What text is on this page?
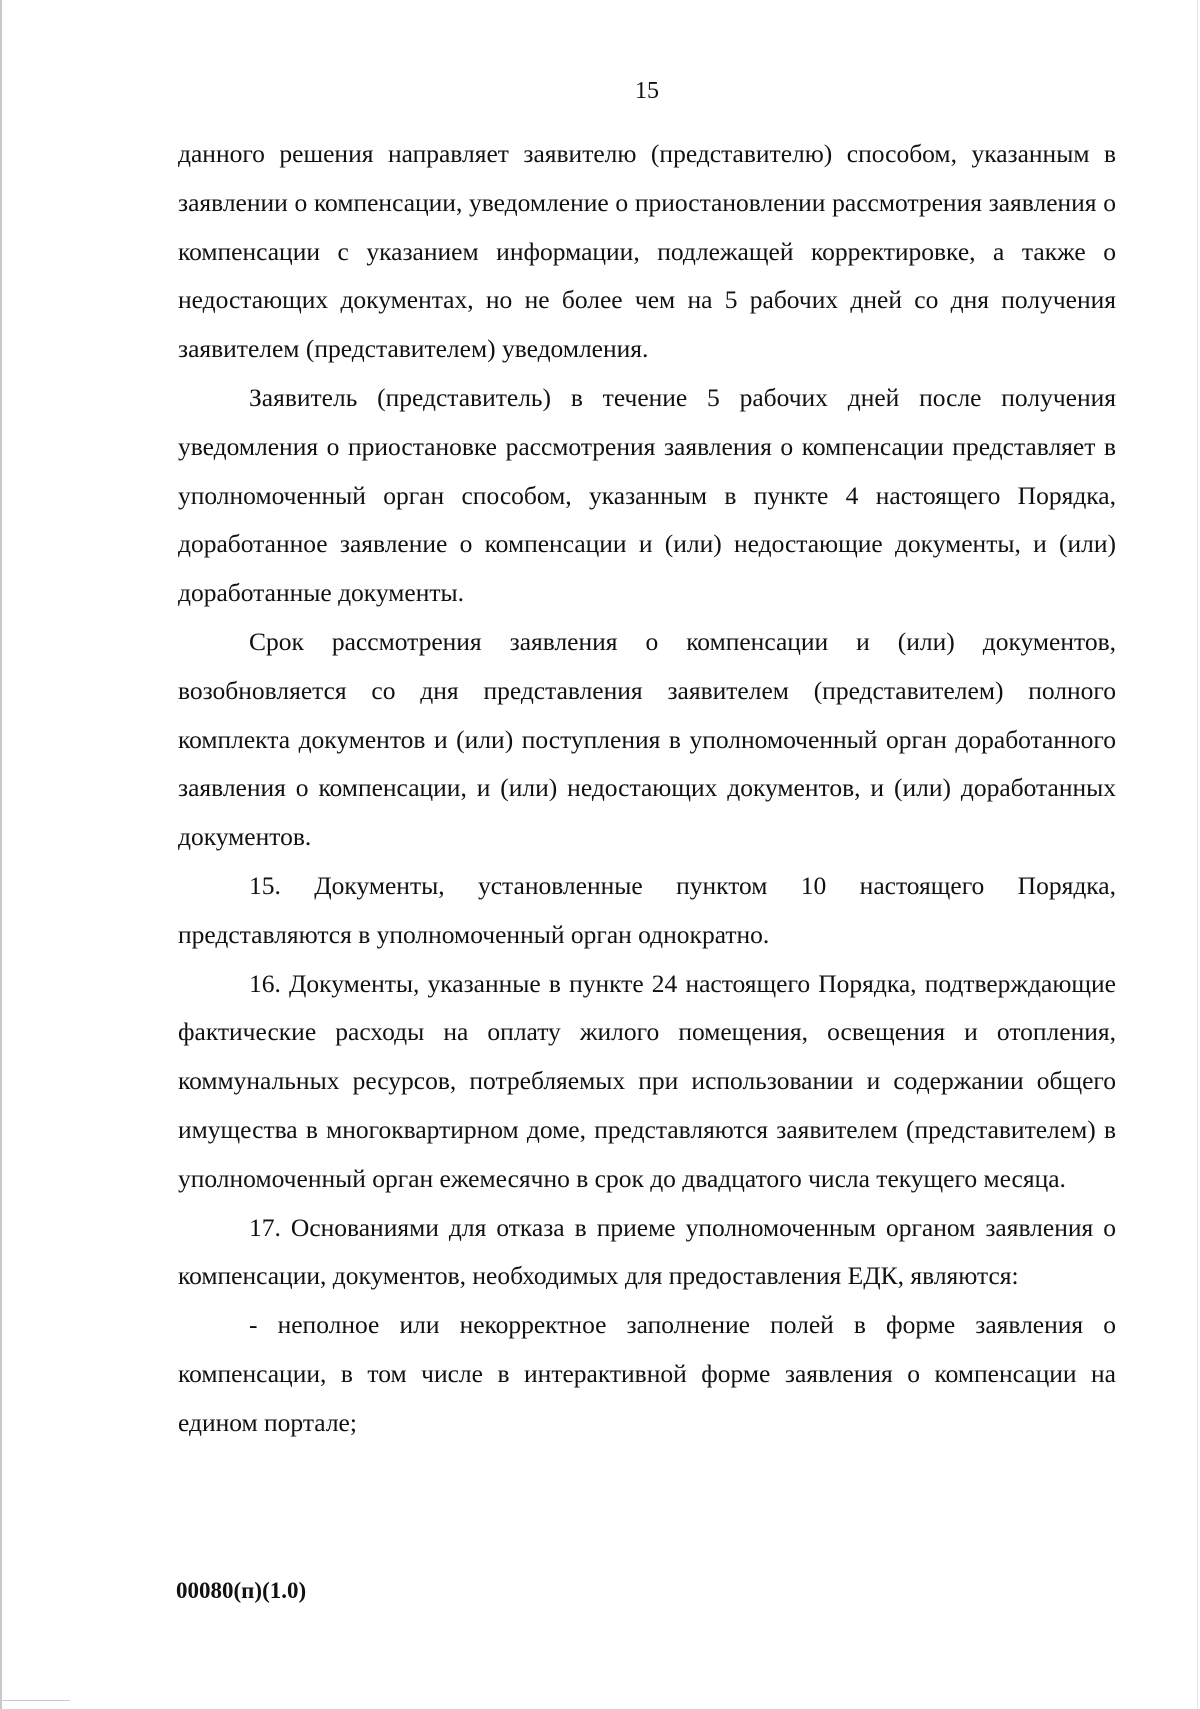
15

данного решения направляет заявителю (представителю) способом, указанным в заявлении о компенсации, уведомление о приостановлении рассмотрения заявления о компенсации с указанием информации, подлежащей корректировке, а также о недостающих документах, но не более чем на 5 рабочих дней со дня получения заявителем (представителем) уведомления.

Заявитель (представитель) в течение 5 рабочих дней после получения уведомления о приостановке рассмотрения заявления о компенсации представляет в уполномоченный орган способом, указанным в пункте 4 настоящего Порядка, доработанное заявление о компенсации и (или) недостающие документы, и (или) доработанные документы.

Срок рассмотрения заявления о компенсации и (или) документов, возобновляется со дня представления заявителем (представителем) полного комплекта документов и (или) поступления в уполномоченный орган доработанного заявления о компенсации, и (или) недостающих документов, и (или) доработанных документов.

15. Документы, установленные пунктом 10 настоящего Порядка, представляются в уполномоченный орган однократно.

16. Документы, указанные в пункте 24 настоящего Порядка, подтверждающие фактические расходы на оплату жилого помещения, освещения и отопления, коммунальных ресурсов, потребляемых при использовании и содержании общего имущества в многоквартирном доме, представляются заявителем (представителем) в уполномоченный орган ежемесячно в срок до двадцатого числа текущего месяца.

17. Основаниями для отказа в приеме уполномоченным органом заявления о компенсации, документов, необходимых для предоставления ЕДК, являются:

- неполное или некорректное заполнение полей в форме заявления о компенсации, в том числе в интерактивной форме заявления о компенсации на едином портале;

00080(п)(1.0)
